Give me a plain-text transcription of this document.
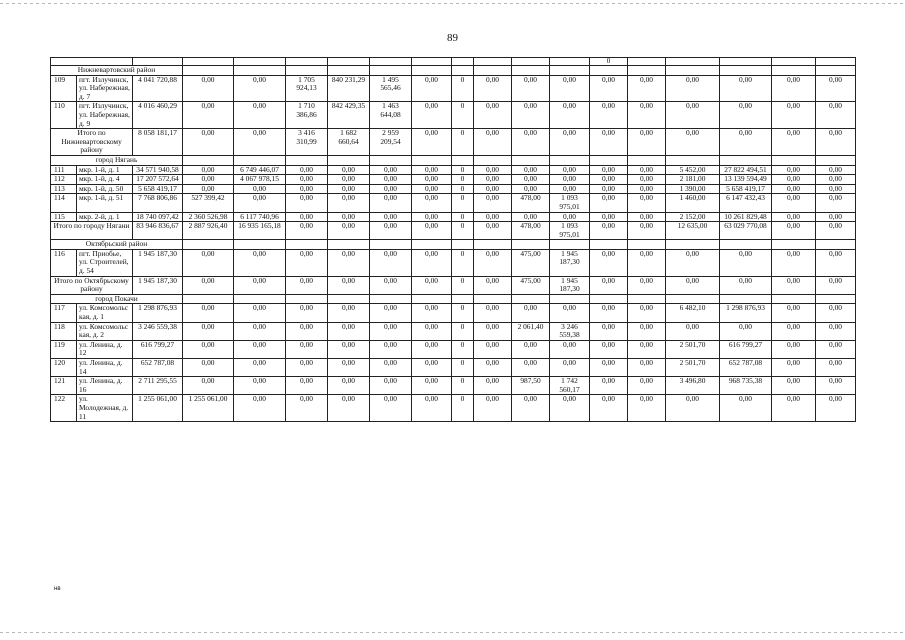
89
													0					
Нижневартовский район																		
109	пгт. Излучинск, ул. Набережная, д. 7	4 041 720,88	0,00	0,00	1 705 924,13	840 231,29	1 495 565,46	0,00	0	0,00	0,00	0,00	0,00	0,00	0,00	0,00	0,00	0,00
110	пгт. Излучинск, ул. Набережная, д. 9	4 016 460,29	0,00	0,00	1 710 386,86	842 429,35	1 463 644,08	0,00	0	0,00	0,00	0,00	0,00	0,00	0,00	0,00	0,00	0,00
Итого по Нижневартовскому району		8 058 181,17	0,00	0,00	3 416 310,99	1 682 660,64	2 959 209,54	0,00	0	0,00	0,00	0,00	0,00	0,00	0,00	0,00	0,00	0,00
город Нягань																		
111	мкр. 1-й, д. 1	34 571 940,58	0,00	6 749 446,07	0,00	0,00	0,00	0,00	0	0,00	0,00	0,00	0,00	0,00	5 452,00	27 822 494,51	0,00	0,00
112	мкр. 1-й, д. 4	17 207 572,64	0,00	4 067 978,15	0,00	0,00	0,00	0,00	0	0,00	0,00	0,00	0,00	0,00	2 181,00	13 139 594,49	0,00	0,00
113	мкр. 1-й, д. 50	5 658 419,17	0,00	0,00	0,00	0,00	0,00	0,00	0	0,00	0,00	0,00	0,00	0,00	1 390,00	5 658 419,17	0,00	0,00
114	мкр. 1-й, д. 51	7 768 806,86	527 399,42	0,00	0,00	0,00	0,00	0,00	0	0,00	478,00	1 093 975,01	0,00	0,00	1 460,00	6 147 432,43	0,00	0,00
115	мкр. 2-й, д. 1	18 740 097,42	2 360 526,98	6 117 740,96	0,00	0,00	0,00	0,00	0	0,00	0,00	0,00	0,00	0,00	2 152,00	10 261 829,48	0,00	0,00
Итого по городу Нягани		83 946 836,67	2 887 926,40	16 935 165,18	0,00	0,00	0,00	0,00	0	0,00	478,00	1 093 975,01	0,00	0,00	12 635,00	63 029 770,08	0,00	0,00
Октябрьский район																		
116	пгт. Приобье, ул. Строителей, д. 54	1 945 187,30	0,00	0,00	0,00	0,00	0,00	0,00	0	0,00	475,00	1 945 187,30	0,00	0,00	0,00	0,00	0,00	0,00
Итого по Октябрьскому району		1 945 187,30	0,00	0,00	0,00	0,00	0,00	0,00	0	0,00	475,00	1 945 187,30	0,00	0,00	0,00	0,00	0,00	0,00
город Покачи																		
117	ул. Комсомольс кая, д. 1	1 298 876,93	0,00	0,00	0,00	0,00	0,00	0,00	0	0,00	0,00	0,00	0,00	0,00	6 482,10	1 298 876,93	0,00	0,00
118	ул. Комсомольс кая, д. 2	3 246 559,38	0,00	0,00	0,00	0,00	0,00	0,00	0	0,00	2 061,40	3 246 559,38	0,00	0,00	0,00	0,00	0,00	0,00
119	ул. Ленина, д. 12	616 799,27	0,00	0,00	0,00	0,00	0,00	0,00	0	0,00	0,00	0,00	0,00	0,00	2 501,70	616 799,27	0,00	0,00
120	ул. Ленина, д. 14	652 787,08	0,00	0,00	0,00	0,00	0,00	0,00	0	0,00	0,00	0,00	0,00	0,00	2 501,70	652 787,08	0,00	0,00
121	ул. Ленина, д. 16	2 711 295,55	0,00	0,00	0,00	0,00	0,00	0,00	0	0,00	987,50	1 742 560,17	0,00	0,00	3 496,80	968 735,38	0,00	0,00
122	ул. Молодежная, д. 11	1 255 061,00	1 255 061,00	0,00	0,00	0,00	0,00	0,00	0	0,00	0,00	0,00	0,00	0,00	0,00	0,00	0,00	0,00
нв
